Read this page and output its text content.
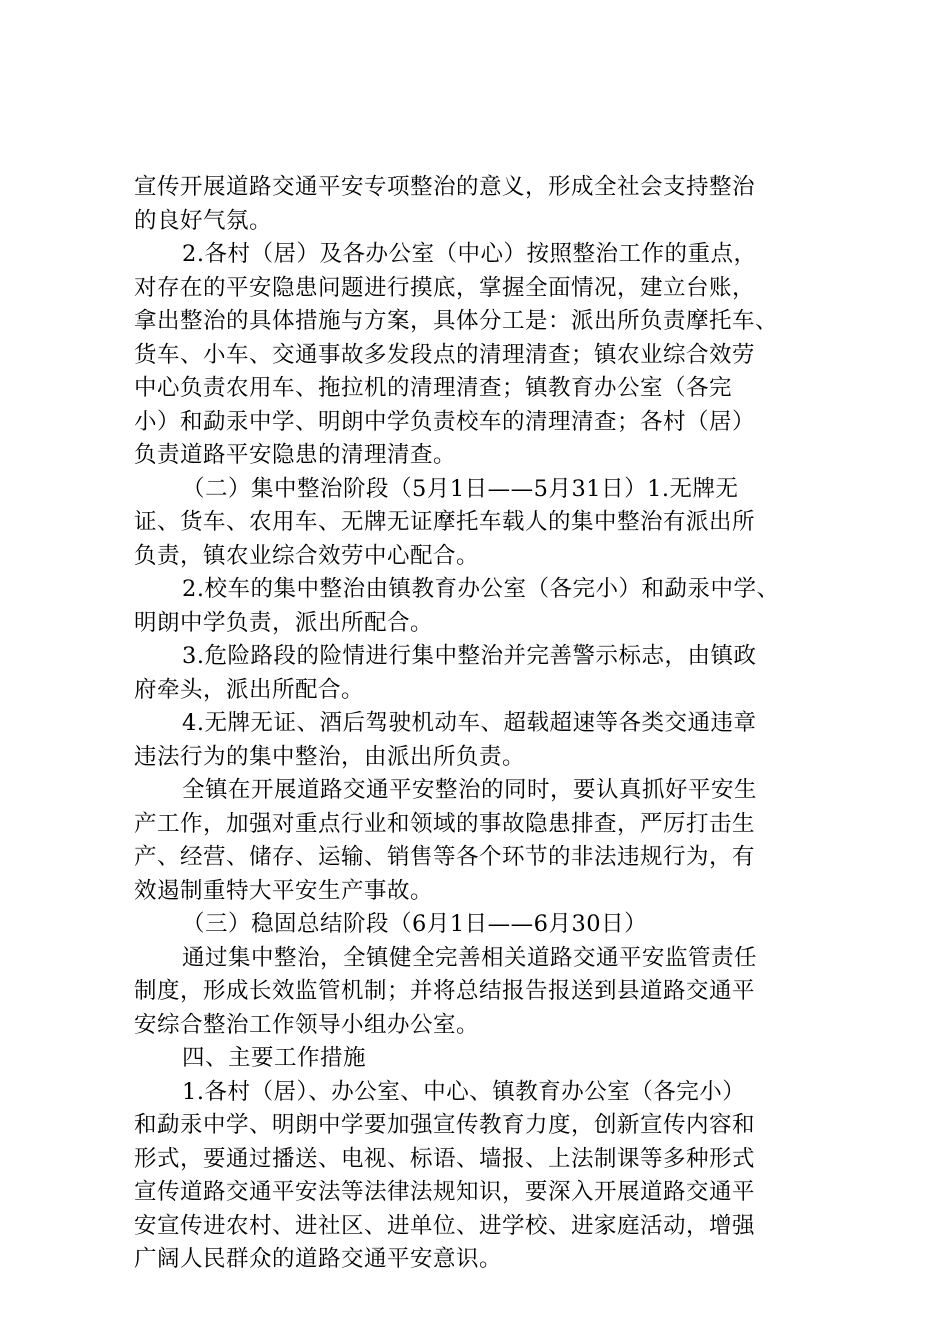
宣传开展道路交通平安专项整治的意义，形成全社会支持整治
的良好气氛。
2.各村（居）及各办公室（中心）按照整治工作的重点，
对存在的平安隐患问题进行摸底，掌握全面情况，建立台账，
拿出整治的具体措施与方案，具体分工是：派出所负责摩托车、
货车、小车、交通事故多发段点的清理清查；镇农业综合效劳
中心负责农用车、拖拉机的清理清查；镇教育办公室（各完
小）和勐汞中学、明朗中学负责校车的清理清查；各村（居）
负责道路平安隐患的清理清查。
（二）集中整治阶段（5月1日——5月31日）1.无牌无
证、货车、农用车、无牌无证摩托车载人的集中整治有派出所
负责，镇农业综合效劳中心配合。
2.校车的集中整治由镇教育办公室（各完小）和勐汞中学、
明朗中学负责，派出所配合。
3.危险路段的险情进行集中整治并完善警示标志，由镇政
府牵头，派出所配合。
4.无牌无证、酒后驾驶机动车、超载超速等各类交通违章
违法行为的集中整治，由派出所负责。
全镇在开展道路交通平安整治的同时，要认真抓好平安生
产工作，加强对重点行业和领域的事故隐患排查，严厉打击生
产、经营、储存、运输、销售等各个环节的非法违规行为，有
效遏制重特大平安生产事故。
（三）稳固总结阶段（6月1日——6月30日）
通过集中整治，全镇健全完善相关道路交通平安监管责任
制度，形成长效监管机制；并将总结报告报送到县道路交通平
安综合整治工作领导小组办公室。
四、主要工作措施
1.各村（居）、办公室、中心、镇教育办公室（各完小）
和勐汞中学、明朗中学要加强宣传教育力度，创新宣传内容和
形式，要通过播送、电视、标语、墙报、上法制课等多种形式
宣传道路交通平安法等法律法规知识，要深入开展道路交通平
安宣传进农村、进社区、进单位、进学校、进家庭活动，增强
广阔人民群众的道路交通平安意识。
